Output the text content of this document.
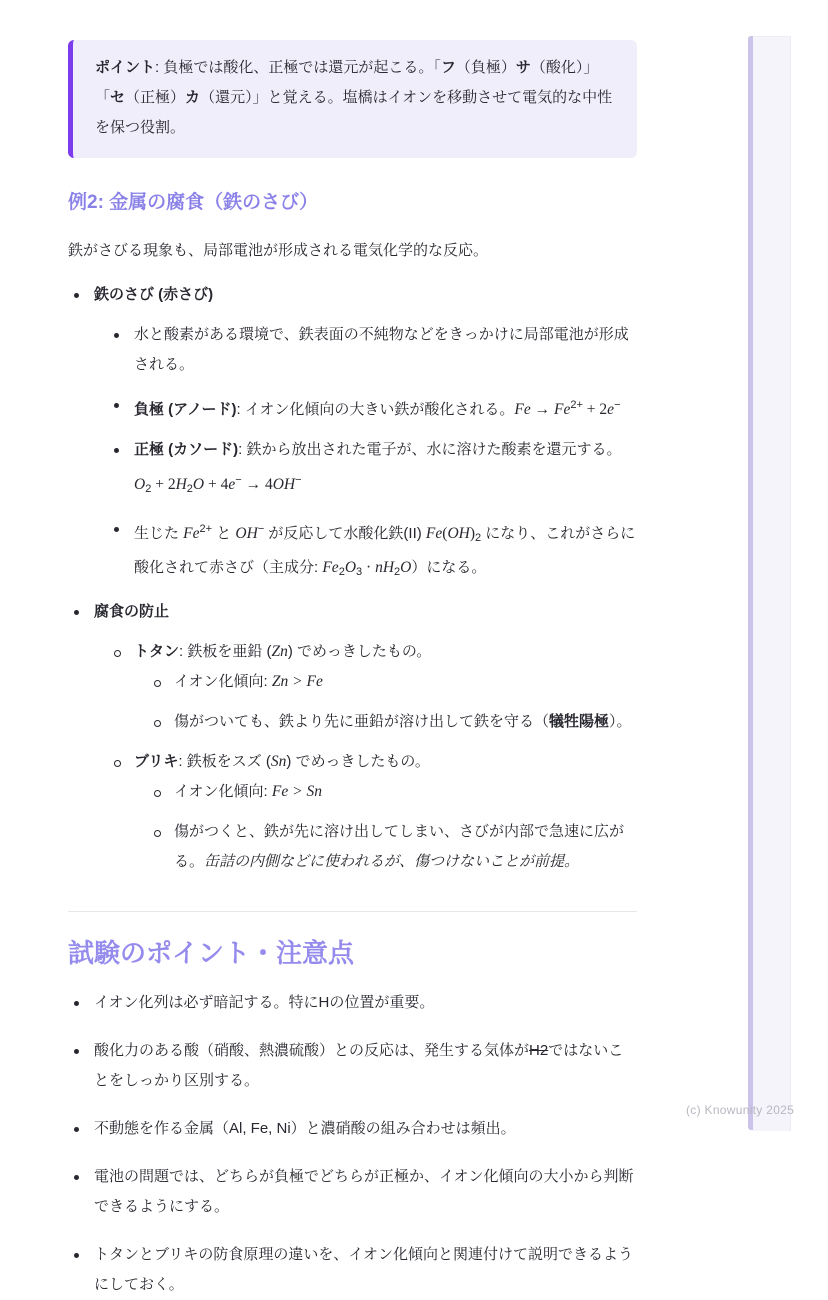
ポイント: 負極では酸化、正極では還元が起こる。「フ（負極）サ（酸化）」「セ（正極）カ（還元）」と覚える。塩橋はイオンを移動させて電気的な中性を保つ役割。
例2: 金属の腐食（鉄のさび）
鉄がさびる現象も、局部電池が形成される電気化学的な反応。
鉄のさび (赤さび)
水と酸素がある環境で、鉄表面の不純物などをきっかけに局部電池が形成される。
負極 (アノード): イオン化傾向の大きい鉄が酸化される。$Fe \to Fe^{2+} + 2e^-$
正極 (カソード): 鉄から放出された電子が、水に溶けた酸素を還元する。$O_2 + 2H_2O + 4e^- \to 4OH^-$
生じた $Fe^{2+}$ と OH− が反応して水酸化鉄(II) $Fe(OH)_2$ になり、これがさらに酸化されて赤さび（主成分: $Fe_2O_3 \cdot nH_2O$）になる。
腐食の防止
トタン: 鉄板を亜鉛 (Zn) でめっきしたもの。
イオン化傾向: Zn > Fe
傷がついても、鉄より先に亜鉛が溶け出して鉄を守る（犠牲陽極）。
ブリキ: 鉄板をスズ (Sn) でめっきしたもの。
イオン化傾向: Fe > Sn
傷がつくと、鉄が先に溶け出してしまい、さびが内部で急速に広がる。缶詰の内側などに使われるが、傷つけないことが前提。
試験のポイント・注意点
イオン化列は必ず暗記する。特にHの位置が重要。
酸化力のある酸（硝酸、熱濃硫酸）との反応は、発生する気体がH2ではないことをしっかり区別する。
不動態を作る金属（Al, Fe, Ni）と濃硝酸の組み合わせは頻出。
電池の問題では、どちらが負極でどちらが正極か、イオン化傾向の大小から判断できるようにする。
トタンとブリキの防食原理の違いを、イオン化傾向と関連付けて説明できるようにしておく。
(c) Knowunity 2025
